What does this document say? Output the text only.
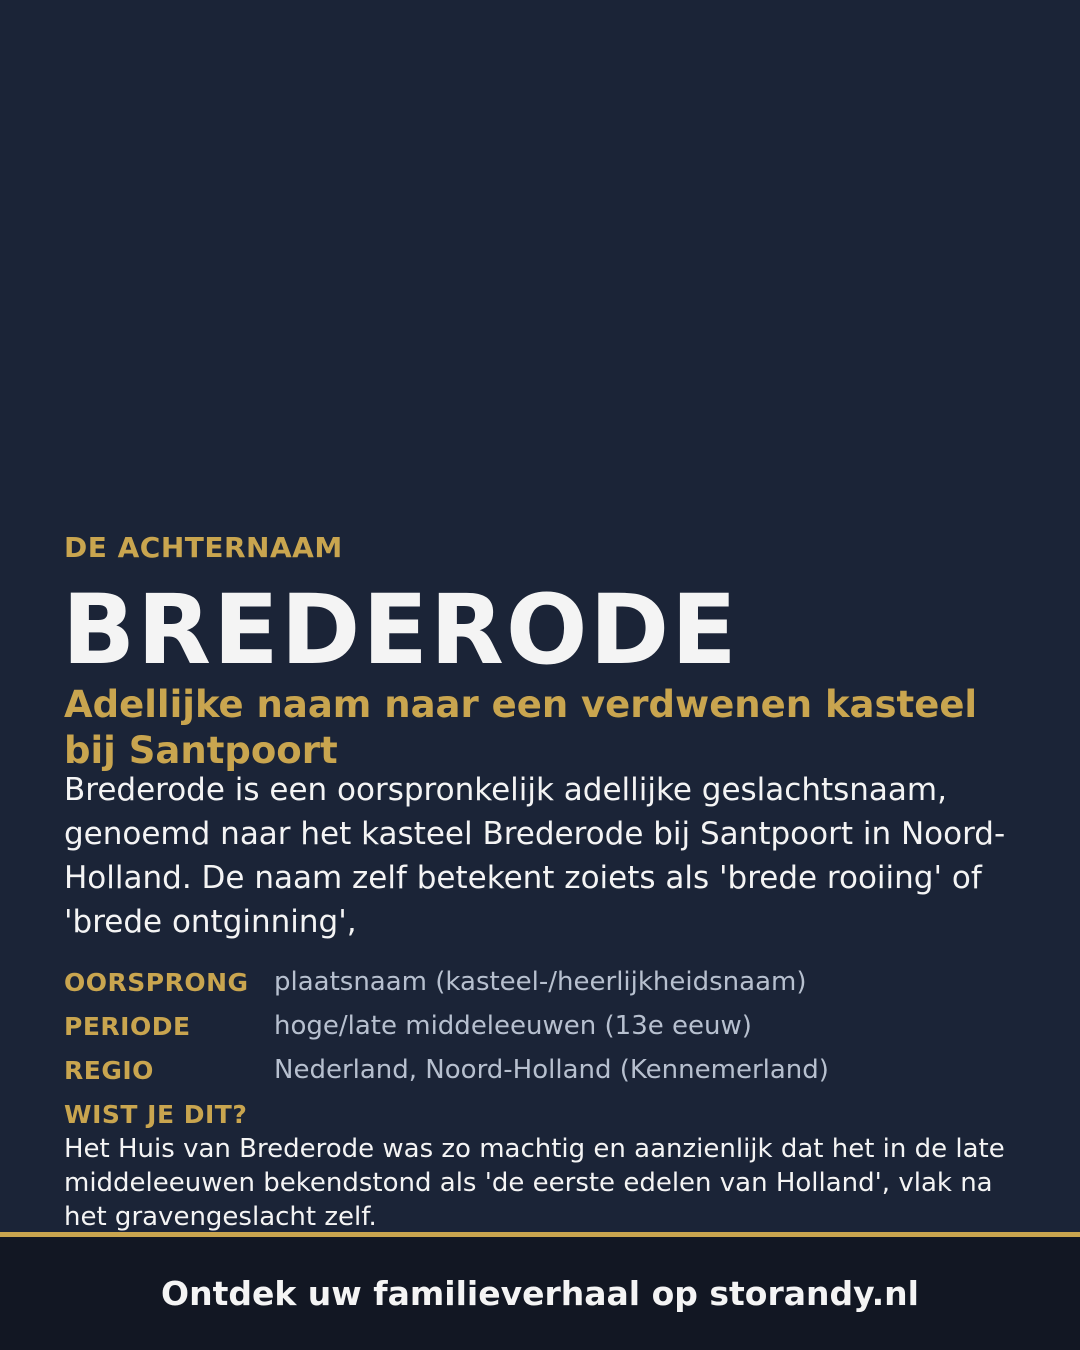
DE ACHTERNAAM
BREDERODE
Adellijke naam naar een verdwenen kasteel bij Santpoort
Brederode is een oorspronkelijk adellijke geslachtsnaam, genoemd naar het kasteel Brederode bij Santpoort in Noord-Holland. De naam zelf betekent zoiets als 'brede rooiing' of 'brede ontginning',
OORSPRONG plaatsnaam (kasteel-/heerlijkheidsnaam)
PERIODE	hoge/late middeleeuwen (13e eeuw)
REGIO	Nederland, Noord-Holland (Kennemerland)
WIST JE DIT?
Het Huis van Brederode was zo machtig en aanzienlijk dat het in de late middeleeuwen bekendstond als 'de eerste edelen van Holland', vlak na het gravengeslacht zelf.
Ontdek uw familieverhaal op storandy.nl
